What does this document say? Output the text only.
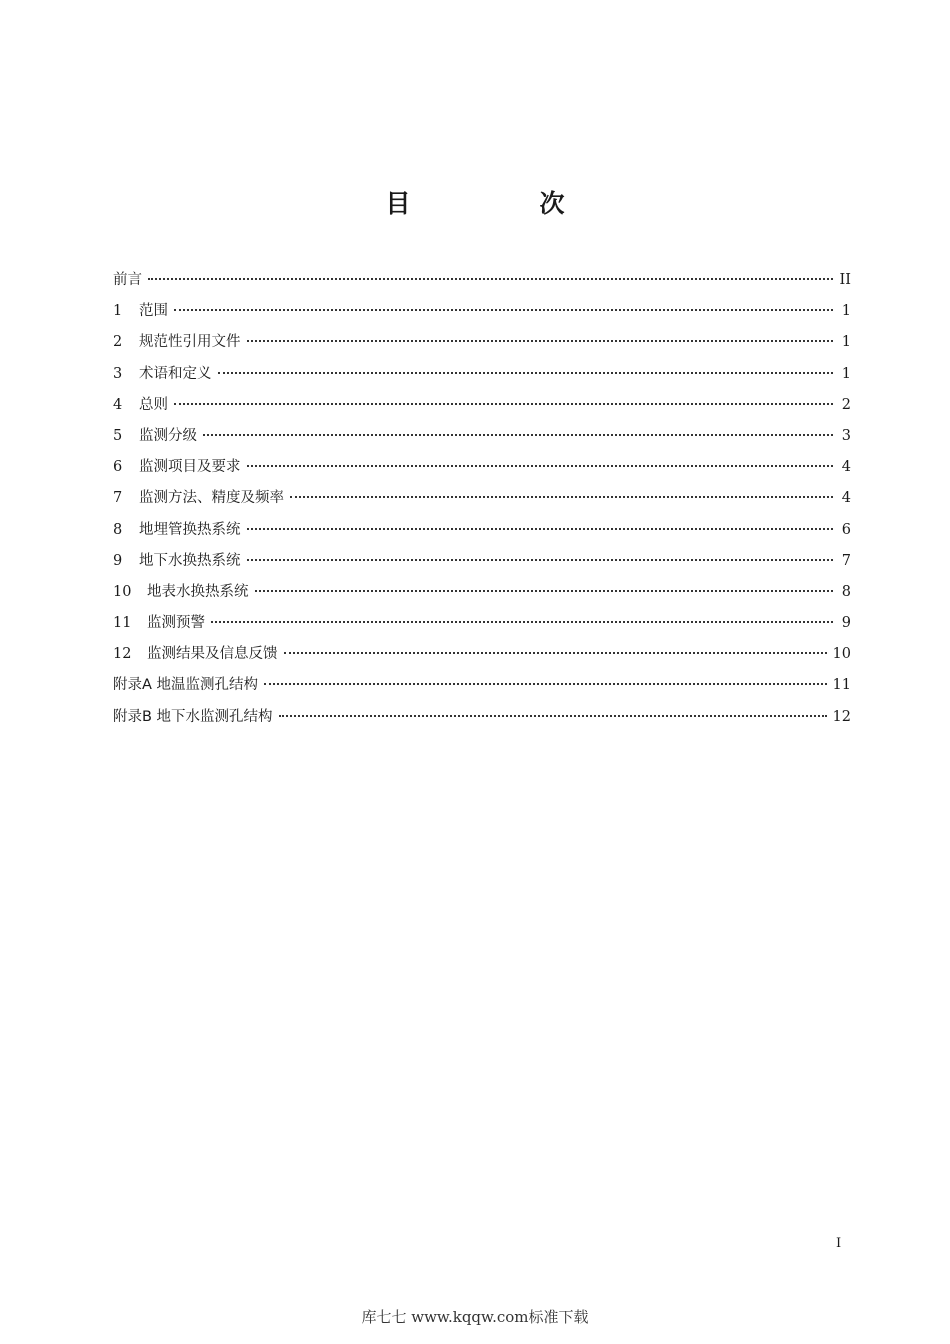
目　次
前言	II
1	范围	1
2	规范性引用文件	1
3	术语和定义	1
4	总则	2
5	监测分级	3
6	监测项目及要求	4
7	监测方法、精度及频率	4
8	地埋管换热系统	6
9	地下水换热系统	7
10	地表水换热系统	8
11	监测预警	9
12	监测结果及信息反馈	10
附录A 地温监测孔结构	11
附录B 地下水监测孔结构	12
I
库七七 www.kqqw.com标准下载
